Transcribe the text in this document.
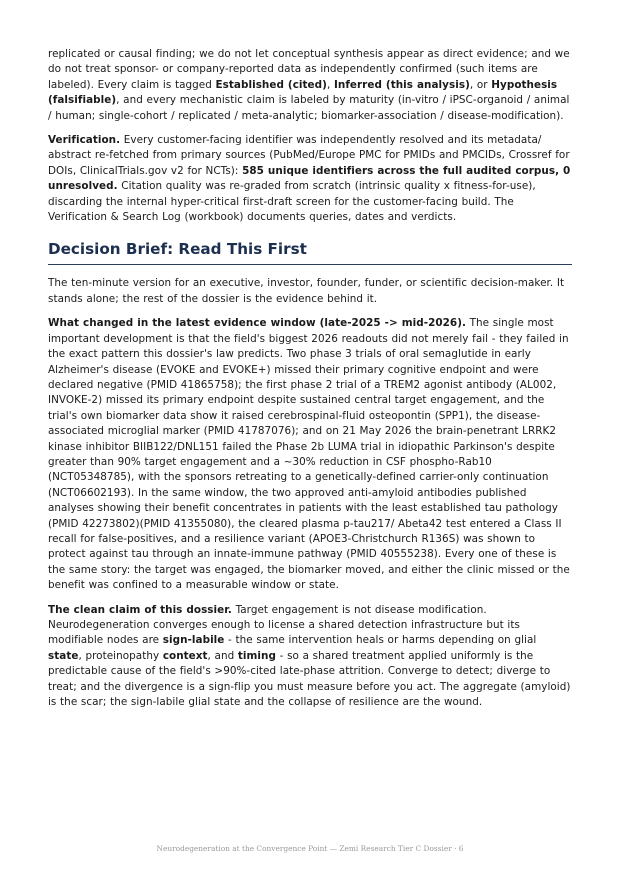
replicated or causal finding; we do not let conceptual synthesis appear as direct evidence; and we do not treat sponsor- or company-reported data as independently confirmed (such items are labeled). Every claim is tagged Established (cited), Inferred (this analysis), or Hypothesis (falsifiable), and every mechanistic claim is labeled by maturity (in-vitro / iPSC-organoid / animal / human; single-cohort / replicated / meta-analytic; biomarker-association / disease-modification).

Verification. Every customer-facing identifier was independently resolved and its metadata/ abstract re-fetched from primary sources (PubMed/Europe PMC for PMIDs and PMCIDs, Crossref for DOIs, ClinicalTrials.gov v2 for NCTs): 585 unique identifiers across the full audited corpus, 0 unresolved. Citation quality was re-graded from scratch (intrinsic quality x fitness-for-use), discarding the internal hyper-critical first-draft screen for the customer-facing build. The Verification & Search Log (workbook) documents queries, dates and verdicts.

Decision Brief: Read This First

The ten-minute version for an executive, investor, founder, funder, or scientific decision-maker. It stands alone; the rest of the dossier is the evidence behind it.

What changed in the latest evidence window (late-2025 -> mid-2026). The single most important development is that the field's biggest 2026 readouts did not merely fail - they failed in the exact pattern this dossier's law predicts. Two phase 3 trials of oral semaglutide in early Alzheimer's disease (EVOKE and EVOKE+) missed their primary cognitive endpoint and were declared negative (PMID 41865758); the first phase 2 trial of a TREM2 agonist antibody (AL002, INVOKE-2) missed its primary endpoint despite sustained central target engagement, and the trial's own biomarker data show it raised cerebrospinal-fluid osteopontin (SPP1), the disease-associated microglial marker (PMID 41787076); and on 21 May 2026 the brain-penetrant LRRK2 kinase inhibitor BIIB122/DNL151 failed the Phase 2b LUMA trial in idiopathic Parkinson's despite greater than 90% target engagement and a ~30% reduction in CSF phospho-Rab10 (NCT05348785), with the sponsors retreating to a genetically-defined carrier-only continuation (NCT06602193). In the same window, the two approved anti-amyloid antibodies published analyses showing their benefit concentrates in patients with the least established tau pathology (PMID 42273802)(PMID 41355080), the cleared plasma p-tau217/ Abeta42 test entered a Class II recall for false-positives, and a resilience variant (APOE3-Christchurch R136S) was shown to protect against tau through an innate-immune pathway (PMID 40555238). Every one of these is the same story: the target was engaged, the biomarker moved, and either the clinic missed or the benefit was confined to a measurable window or state.

The clean claim of this dossier. Target engagement is not disease modification. Neurodegeneration converges enough to license a shared detection infrastructure but its modifiable nodes are sign-labile - the same intervention heals or harms depending on glial state, proteinopathy context, and timing - so a shared treatment applied uniformly is the predictable cause of the field's >90%-cited late-phase attrition. Converge to detect; diverge to treat; and the divergence is a sign-flip you must measure before you act. The aggregate (amyloid) is the scar; the sign-labile glial state and the collapse of resilience are the wound.

Neurodegeneration at the Convergence Point — Zemi Research Tier C Dossier · 6
